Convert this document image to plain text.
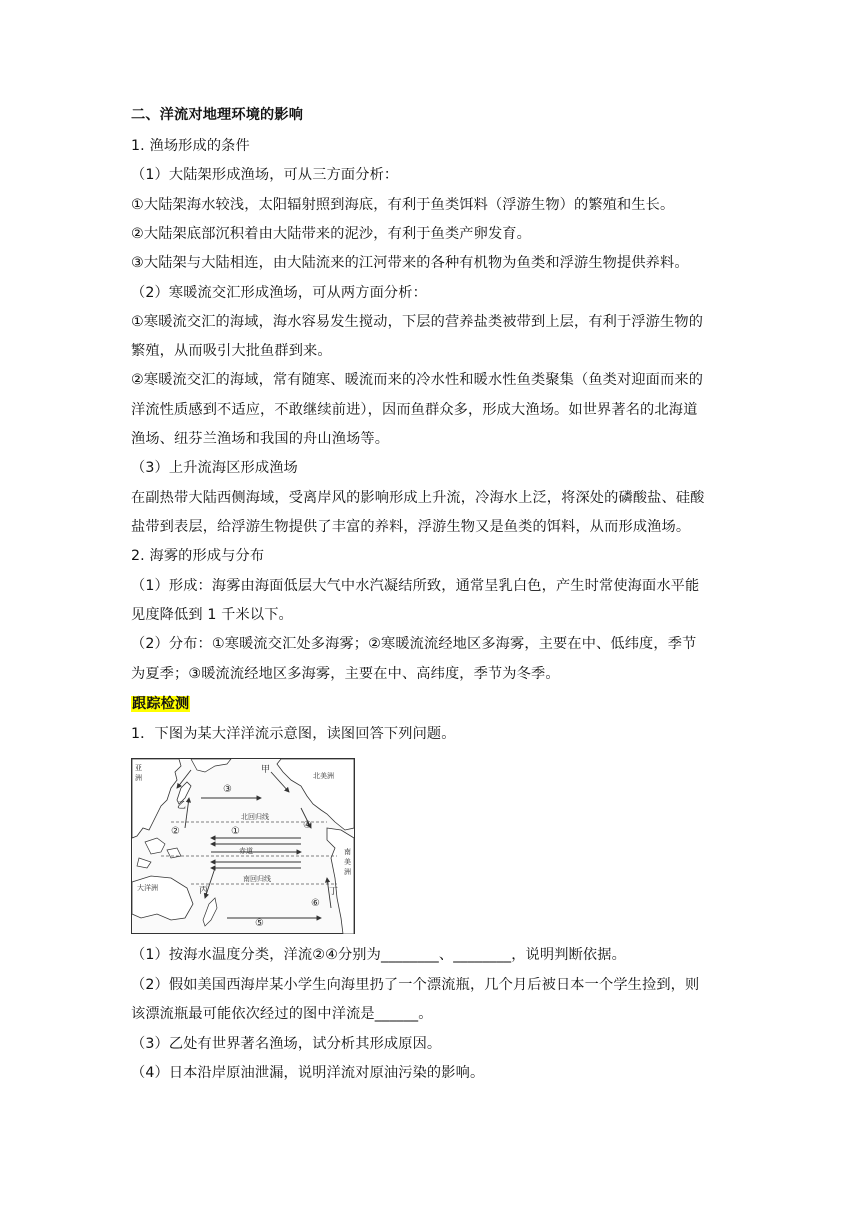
二、洋流对地理环境的影响
1. 渔场形成的条件
（1）大陆架形成渔场，可从三方面分析：
①大陆架海水较浅，太阳辐射照到海底，有利于鱼类饵料（浮游生物）的繁殖和生长。
②大陆架底部沉积着由大陆带来的泥沙，有利于鱼类产卵发育。
③大陆架与大陆相连，由大陆流来的江河带来的各种有机物为鱼类和浮游生物提供养料。
（2）寒暖流交汇形成渔场，可从两方面分析：
①寒暖流交汇的海域，海水容易发生搅动，下层的营养盐类被带到上层，有利于浮游生物的
繁殖，从而吸引大批鱼群到来。
②寒暖流交汇的海域，常有随寒、暖流而来的冷水性和暖水性鱼类聚集（鱼类对迎面而来的
洋流性质感到不适应，不敢继续前进），因而鱼群众多，形成大渔场。如世界著名的北海道
渔场、纽芬兰渔场和我国的舟山渔场等。
（3）上升流海区形成渔场
在副热带大陆西侧海域，受离岸风的影响形成上升流，冷海水上泛，将深处的磷酸盐、硅酸
盐带到表层，给浮游生物提供了丰富的养料，浮游生物又是鱼类的饵料，从而形成渔场。
2. 海雾的形成与分布
（1）形成：海雾由海面低层大气中水汽凝结所致，通常呈乳白色，产生时常使海面水平能
见度降低到 1 千米以下。
（2）分布：①寒暖流交汇处多海雾；②寒暖流流经地区多海雾，主要在中、低纬度，季节
为夏季；③暖流流经地区多海雾，主要在中、高纬度，季节为冬季。
跟踪检测
1．下图为某大洋洋流示意图，读图回答下列问题。
亚
洲	北美洲
南
美
洲
大洋洲
甲
乙
丙	丁
北回归线
赤道
南回归线
①
②
③
④
⑤
⑥
（1）按海水温度分类，洋流②④分别为________、________，说明判断依据。
（2）假如美国西海岸某小学生向海里扔了一个漂流瓶，几个月后被日本一个学生捡到，则
该漂流瓶最可能依次经过的图中洋流是______。
（3）乙处有世界著名渔场，试分析其形成原因。
（4）日本沿岸原油泄漏，说明洋流对原油污染的影响。
